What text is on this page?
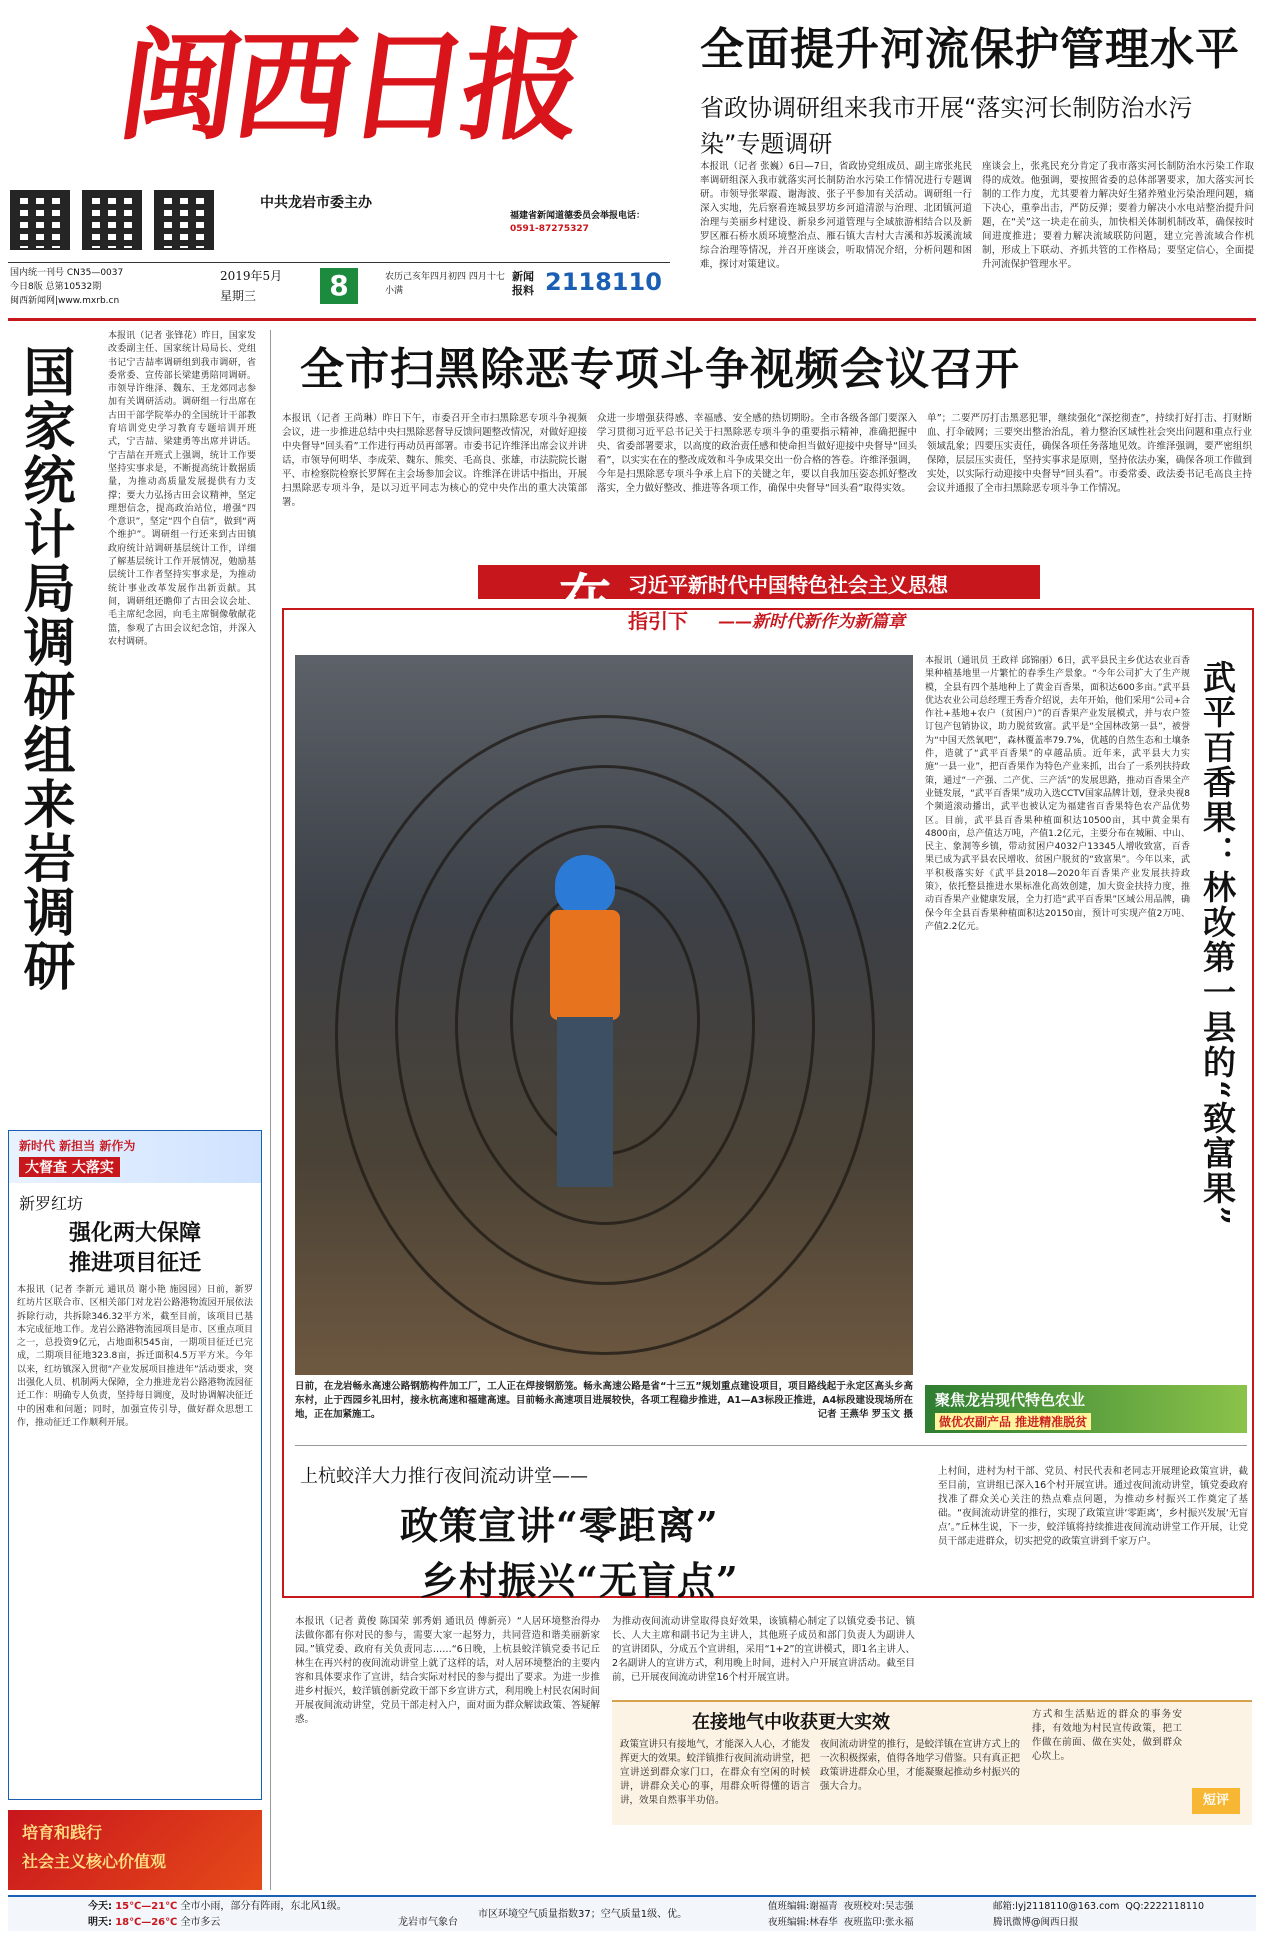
闽西日报
中共龙岩市委主办
福建省新闻道德委员会举报电话：
0591-87275327
国内统一刊号 CN35—0037
今日8版 总第10532期
闽西新闻网|www.mxrb.cn
2019年5月
星期三	8	农历己亥年四月初四 四月十七小满
新闻报料 2118110
全面提升河流保护管理水平
省政协调研组来我市开展“落实河长制防治水污染”专题调研
本报讯（记者 张巍）6日—7日，省政协党组成员、副主席张兆民率调研组深入我市就落实河长制防治水污染工作情况进行专题调研。市领导张翠霞、谢海波、张子平参加有关活动。调研组一行深入实地，先后察看连城县罗坊乡河道清淤与治理、北团镇河道治理与美丽乡村建设、新泉乡河道管理与全域旅游相结合以及新罗区雁石桥水质环境整治点、雁石镇大吉村大吉溪和苏坂溪流域综合治理等情况，并召开座谈会，听取情况介绍，分析问题和困难，探讨对策建议。
座谈会上，张兆民充分肯定了我市落实河长制防治水污染工作取得的成效。他强调，要按照省委的总体部署要求，加大落实河长制的工作力度，尤其要着力解决好生猪养殖业污染治理问题，痛下决心，重拳出击，严防反弹；要着力解决小水电站整治提升问题，在“关”这一块走在前头，加快相关体制机制改革，确保按时间进度推进；要着力解决流域联防问题，建立完善流域合作机制，形成上下联动、齐抓共管的工作格局；要坚定信心，全面提升河流保护管理水平。
国家统计局调研组来岩调研
本报讯（记者 张锋花）昨日，国家发改委副主任、国家统计局局长、党组书记宁吉喆率调研组到我市调研，省委常委、宣传部长梁建勇陪同调研。市领导许维泽、魏东、王龙郊同志参加有关调研活动。调研组一行出席在古田干部学院举办的全国统计干部教育培训党史学习教育专题培训开班式，宁吉喆、梁建勇等出席并讲话。宁吉喆在开班式上强调，统计工作要坚持实事求是，不断提高统计数据质量，为推动高质量发展提供有力支撑；要大力弘扬古田会议精神，坚定理想信念，提高政治站位，增强“四个意识”，坚定“四个自信”，做到“两个维护”。调研组一行还来到古田镇政府统计站调研基层统计工作，详细了解基层统计工作开展情况，勉励基层统计工作者坚持实事求是，为推动统计事业改革发展作出新贡献。其间，调研组还瞻仰了古田会议会址、毛主席纪念园，向毛主席铜像敬献花篮，参观了古田会议纪念馆，并深入农村调研。
新时代 新担当 新作为
大督查 大落实
新罗红坊
强化两大保障
推进项目征迁
本报讯（记者 李新元 通讯员 谢小艳 施园园）日前，新罗红坊片区联合市、区相关部门对龙岩公路港物流园开展依法拆除行动，共拆除346.32平方米，截至目前，该项目已基本完成征地工作。龙岩公路港物流园项目是市、区重点项目之一，总投资9亿元，占地面积545亩，一期项目征迁已完成，二期项目征地323.8亩，拆迁面积4.5万平方米。今年以来，红坊镇深入贯彻“产业发展项目推进年”活动要求，突出强化人员、机制两大保障，全力推进龙岩公路港物流园征迁工作：明确专人负责，坚持每日调度，及时协调解决征迁中的困难和问题；同时，加强宣传引导，做好群众思想工作，推动征迁工作顺利开展。
培育和践行
社会主义核心价值观
全市扫黑除恶专项斗争视频会议召开
本报讯（记者 王尚琳）昨日下午，市委召开全市扫黑除恶专项斗争视频会议，进一步推进总结中央扫黑除恶督导反馈问题整改情况，对做好迎接中央督导“回头看”工作进行再动员再部署。市委书记许维泽出席会议并讲话，市领导何明华、李成荣、魏东、熊奕、毛高良、张雄，市法院院长谢平、市检察院检察长罗辉在主会场参加会议。许维泽在讲话中指出，开展扫黑除恶专项斗争，是以习近平同志为核心的党中央作出的重大决策部署。
众进一步增强获得感、幸福感、安全感的热切期盼。全市各级各部门要深入学习贯彻习近平总书记关于扫黑除恶专项斗争的重要指示精神，准确把握中央、省委部署要求，以高度的政治责任感和使命担当做好迎接中央督导“回头看”，以实实在在的整改成效和斗争成果交出一份合格的答卷。许维泽强调，今年是扫黑除恶专项斗争承上启下的关键之年，要以自我加压姿态抓好整改落实，全力做好整改、推进等各项工作，确保中央督导“回头看”取得实效。
单”；二要严厉打击黑恶犯罪，继续强化“深挖彻查”，持续打好打击、打财断血、打伞破网；三要突出整治治乱，着力整治区域性社会突出问题和重点行业领域乱象；四要压实责任，确保各项任务落地见效。许维泽强调，要严密组织保障，层层压实责任，坚持实事求是原则，坚持依法办案，确保各项工作做到实处，以实际行动迎接中央督导“回头看”。市委常委、政法委书记毛高良主持会议并通报了全市扫黑除恶专项斗争工作情况。
在 习近平新时代中国特色社会主义思想
指引下 ——新时代新作为新篇章
日前，在龙岩畅永高速公路钢筋构件加工厂，工人正在焊接钢筋笼。畅永高速公路是省“十三五”规划重点建设项目，项目路线起于永定区高头乡高东村，止于西园乡礼田村，接永杭高速和福建高速。目前畅永高速项目进展较快，各项工程稳步推进，A1—A3标段正推进，A4标段建设现场所在地，正在加紧施工。	记者 王燕华 罗玉文 摄
武平百香果：林改第一县的“致富果”
本报讯（通讯员 王政祥 邱锦丽）6日，武平县民主乡优达农业百香果种植基地里一片繁忙的春季生产景象。“今年公司扩大了生产规模，全县有四个基地种上了黄金百香果，面积达600多亩。”武平县优达农业公司总经理王秀香介绍说，去年开始，他们采用“公司+合作社+基地+农户（贫困户）”的百香果产业发展模式，并与农户签订包产包销协议，助力脱贫致富。武平是“全国林改第一县”，被誉为“中国天然氧吧”，森林覆盖率79.7%，优越的自然生态和土壤条件，造就了“武平百香果”的卓越品质。近年来，武平县大力实施“一县一业”，把百香果作为特色产业来抓，出台了一系列扶持政策，通过“一产强、二产优、三产活”的发展思路，推动百香果全产业链发展，“武平百香果”成功入选CCTV国家品牌计划，登录央视8个频道滚动播出，武平也被认定为福建省百香果特色农产品优势区。目前，武平县百香果种植面积达10500亩，其中黄金果有4800亩，总产值达万吨，产值1.2亿元，主要分布在城厢、中山、民主、象洞等乡镇，带动贫困户4032户13345人增收致富，百香果已成为武平县农民增收、贫困户脱贫的“致富果”。今年以来，武平积极落实好《武平县2018—2020年百香果产业发展扶持政策》，依托整县推进水果标准化高效创建，加大资金扶持力度，推动百香果产业健康发展，全力打造“武平百香果”区域公用品牌，确保今年全县百香果种植面积达20150亩，预计可实现产值2万吨、产值2.2亿元。
聚焦龙岩现代特色农业
做优农副产品 推进精准脱贫
上杭蛟洋大力推行夜间流动讲堂——
政策宣讲“零距离”
乡村振兴“无盲点”
本报讯（记者 黄俊 陈国荣 郭秀娟 通讯员 傅新亮）“人居环境整治得办法做你都有你对民的参与，需要大家一起努力，共同营造和谐美丽新家园。”镇党委、政府有关负责同志……“6日晚，上杭县蛟洋镇党委书记丘林生在再兴村的夜间流动讲堂上就了这样的话，对人居环境整治的主要内容和具体要求作了宣讲，结合实际对村民的参与提出了要求。为进一步推进乡村振兴，蛟洋镇创新党政干部下乡宣讲方式，利用晚上村民农闲时间开展夜间流动讲堂，党员干部走村入户，面对面为群众解读政策、答疑解惑。
为推动夜间流动讲堂取得良好效果，该镇精心制定了以镇党委书记、镇长、人大主席和副书记为主讲人，其他班子成员和部门负责人为副讲人的宣讲团队，分成五个宣讲组，采用“1+2”的宣讲模式，即1名主讲人、2名副讲人的宣讲方式，利用晚上时间，进村入户开展宣讲活动。截至目前，已开展夜间流动讲堂16个村开展宣讲。
上村间，进村为村干部、党员、村民代表和老同志开展理论政策宣讲，截至目前，宣讲组已深入16个村开展宣讲。通过夜间流动讲堂，镇党委政府找准了群众关心关注的热点难点问题，为推动乡村振兴工作奠定了基础。“夜间流动讲堂的推行，实现了政策宣讲‘零距离’，乡村振兴发展‘无盲点’。”丘林生说，下一步，蛟洋镇将持续推进夜间流动讲堂工作开展，让党员干部走进群众，切实把党的政策宣讲到千家万户。
在接地气中收获更大实效
政策宣讲只有接地气，才能深入人心，才能发挥更大的效果。蛟洋镇推行夜间流动讲堂，把宣讲送到群众家门口，在群众有空闲的时候讲，讲群众关心的事，用群众听得懂的语言讲，效果自然事半功倍。
夜间流动讲堂的推行，是蛟洋镇在宣讲方式上的一次积极探索，值得各地学习借鉴。只有真正把政策讲进群众心里，才能凝聚起推动乡村振兴的强大合力。
方式和生活贴近的群众的事务安排，有效地为村民宣传政策，把工作做在前面、做在实处，做到群众心坎上。
短评
今天: 15℃—21℃ 全市小雨，部分有阵雨，东北风1级。
明天: 18℃—26℃ 全市多云	龙岩市气象台
市区环境空气质量指数37；空气质量1级、优。
值班编辑:谢福青 夜班校对:吴志强
夜班编辑:林春华 夜班监印:张永福
邮箱:lyj2118110@163.com QQ:2222118110
腾讯微博@闽西日报
